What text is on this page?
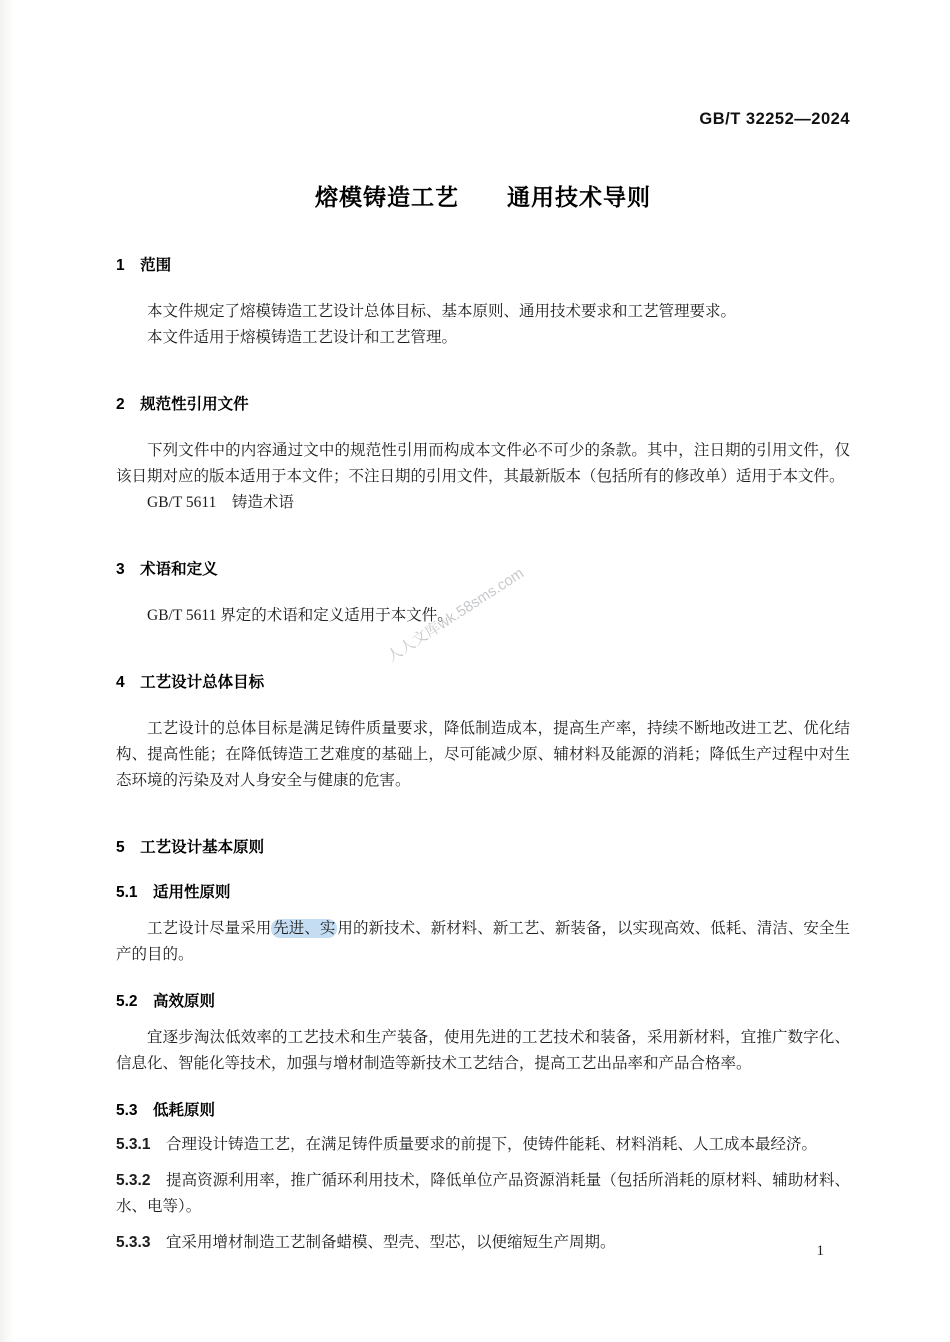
GB/T 32252—2024
熔模铸造工艺　　通用技术导则
1　范围

本文件规定了熔模铸造工艺设计总体目标、基本原则、通用技术要求和工艺管理要求。

本文件适用于熔模铸造工艺设计和工艺管理。

2　规范性引用文件

下列文件中的内容通过文中的规范性引用而构成本文件必不可少的条款。其中，注日期的引用文件，仅该日期对应的版本适用于本文件；不注日期的引用文件，其最新版本（包括所有的修改单）适用于本文件。

GB/T 5611　铸造术语

3　术语和定义

GB/T 5611 界定的术语和定义适用于本文件。

4　工艺设计总体目标

工艺设计的总体目标是满足铸件质量要求，降低制造成本，提高生产率，持续不断地改进工艺、优化结构、提高性能；在降低铸造工艺难度的基础上，尽可能减少原、辅材料及能源的消耗；降低生产过程中对生态环境的污染及对人身安全与健康的危害。

5　工艺设计基本原则
5.1　适用性原则

工艺设计尽量采用 先进、实 用的新技术、新材料、新工艺、新装备，以实现高效、低耗、清洁、安全生产的目的。

5.2　高效原则

宜逐步淘汰低效率的工艺技术和生产装备，使用先进的工艺技术和装备，采用新材料，宜推广数字化、信息化、智能化等技术，加强与增材制造等新技术工艺结合，提高工艺出品率和产品合格率。

5.3　低耗原则

5.3.1 合理设计铸造工艺，在满足铸件质量要求的前提下，使铸件能耗、材料消耗、人工成本最经济。

5.3.2 提高资源利用率，推广循环利用技术，降低单位产品资源消耗量（包括所消耗的原材料、辅助材料、水、电等）。

5.3.3 宜采用增材制造工艺制备蜡模、型壳、型芯，以便缩短生产周期。

人人文库wk.58sms.com
1
